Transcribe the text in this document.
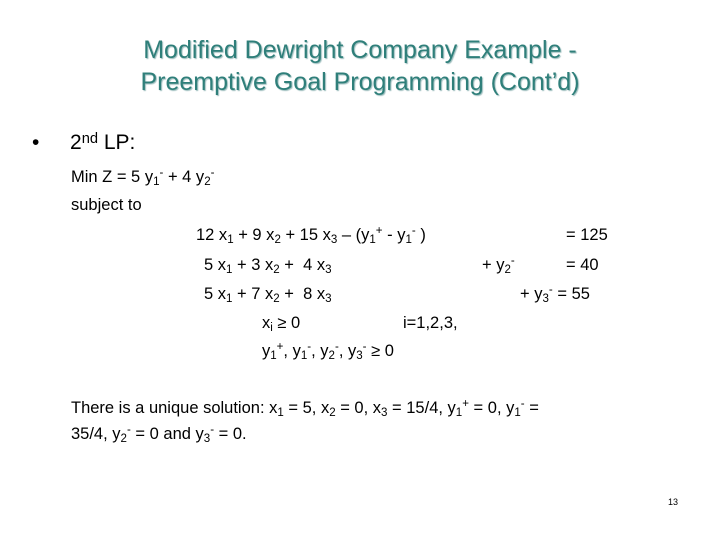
Modified Dewright Company Example -
Preemptive Goal Programming (Cont’d)
• 2nd LP:
Min Z = 5 $y_1^- + 4$ $y_2^-$
subject to
12 $x_1 + 9$ $x_2 + 15$ $x_3 - (y_1^+ - y_1^-$ )	= 125
5 $x_1 + 3$ $x_2 + 4$ $x_3$	+ $y_2^-$	= 40
5 $x_1 + 7$ $x_2 + 8$ $x_3$	+ $y_3^- = 55$
$x_i \ge 0$	i=1,2,3,
$y_1^+$, $y_1^-$, $y_2^-$, $y_3^- \ge 0$
There is a unique solution: $x_1 = 5$, $x_2 = 0$, $x_3 = 15/4$, $y_1^+ = 0$, $y_1^-$ =
35/4, $y_2^- = 0$ and $y_3^- = 0$.
13
